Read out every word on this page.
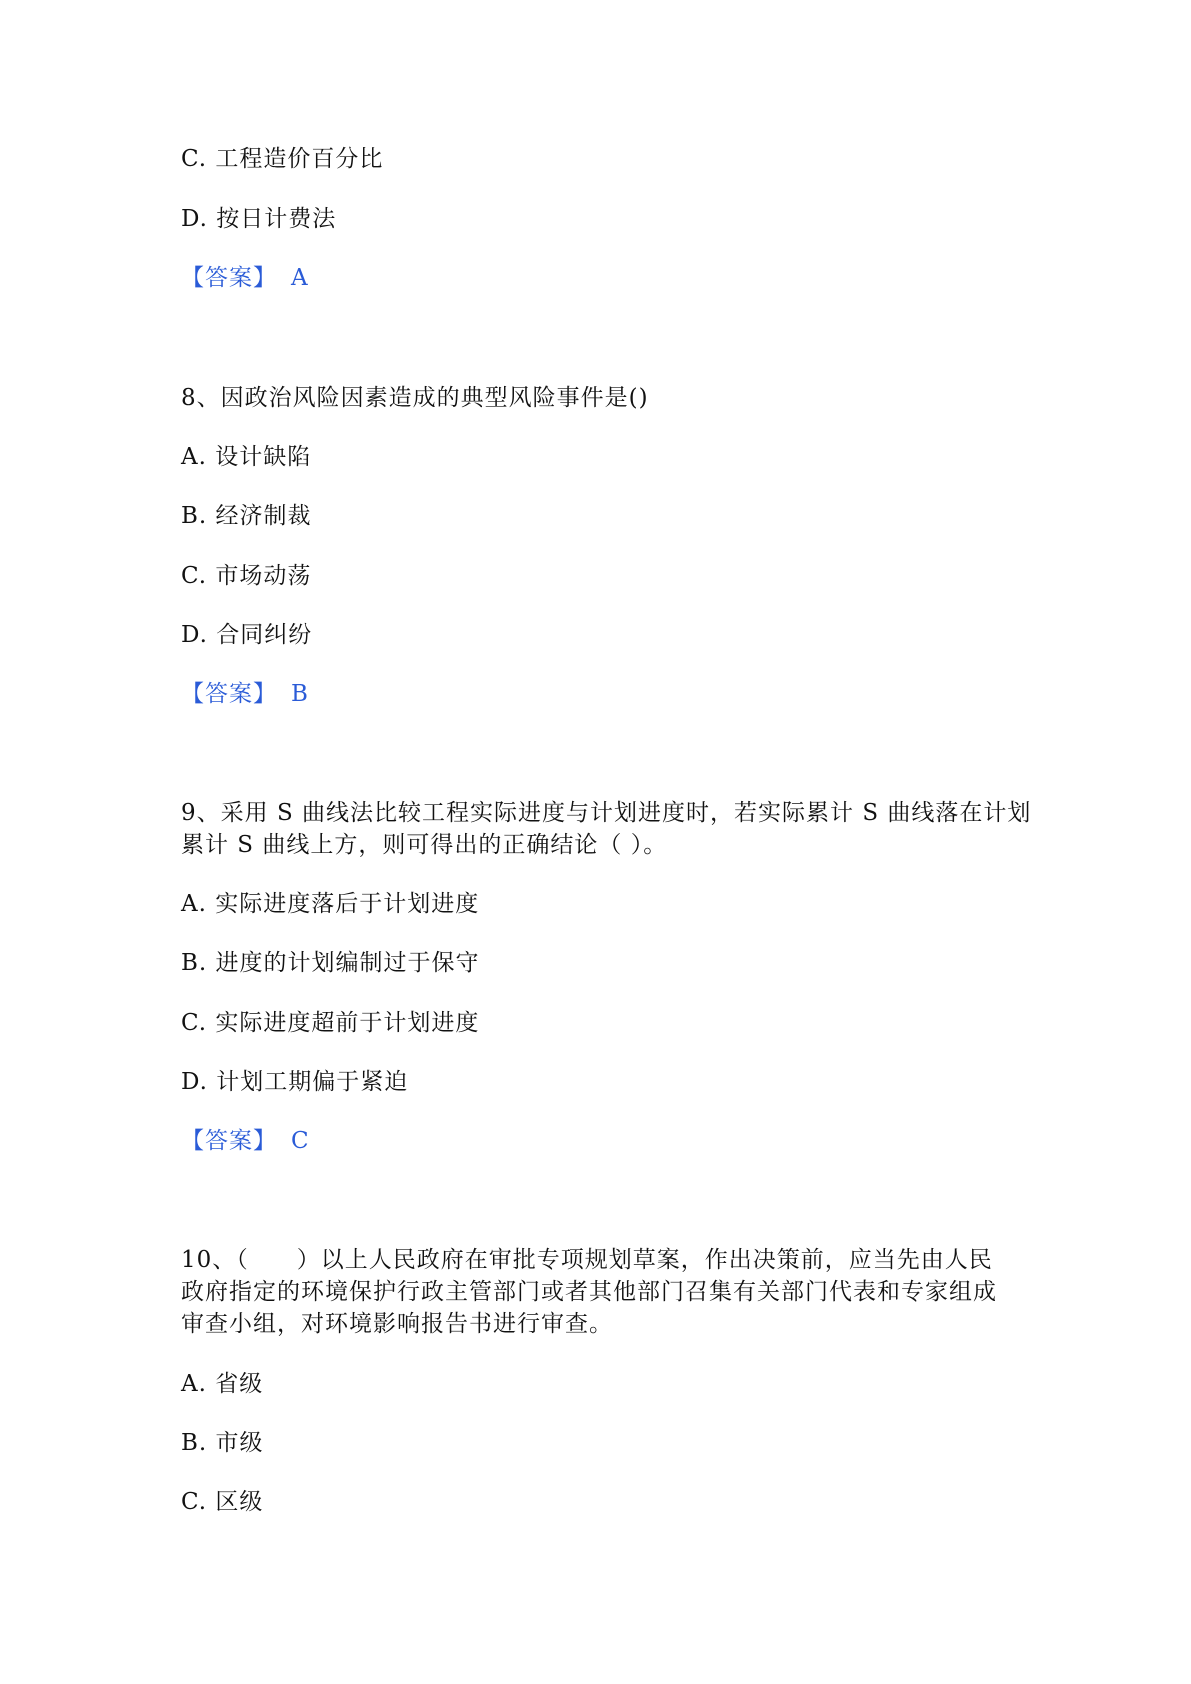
C. 工程造价百分比
D. 按日计费法
【答案】 A
8、因政治风险因素造成的典型风险事件是()
A. 设计缺陷
B. 经济制裁
C. 市场动荡
D. 合同纠纷
【答案】 B
9、采用 S 曲线法比较工程实际进度与计划进度时，若实际累计 S 曲线落在计划
累计 S 曲线上方，则可得出的正确结论（ ）。
A. 实际进度落后于计划进度
B. 进度的计划编制过于保守
C. 实际进度超前于计划进度
D. 计划工期偏于紧迫
【答案】 C
10、（　　）以上人民政府在审批专项规划草案，作出决策前，应当先由人民
政府指定的环境保护行政主管部门或者其他部门召集有关部门代表和专家组成
审查小组，对环境影响报告书进行审查。
A. 省级
B. 市级
C. 区级
